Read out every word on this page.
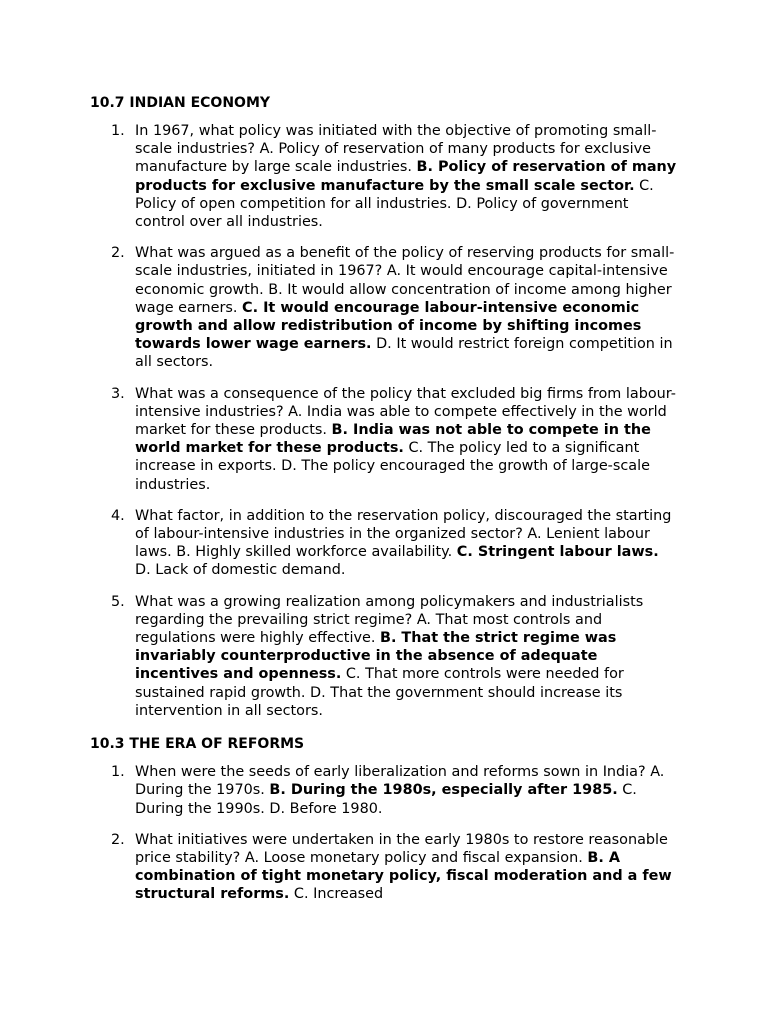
10.7 INDIAN ECONOMY
1. In 1967, what policy was initiated with the objective of promoting small-scale industries? A. Policy of reservation of many products for exclusive manufacture by large scale industries. B. Policy of reservation of many products for exclusive manufacture by the small scale sector. C. Policy of open competition for all industries. D. Policy of government control over all industries.
2. What was argued as a benefit of the policy of reserving products for small-scale industries, initiated in 1967? A. It would encourage capital-intensive economic growth. B. It would allow concentration of income among higher wage earners. C. It would encourage labour-intensive economic growth and allow redistribution of income by shifting incomes towards lower wage earners. D. It would restrict foreign competition in all sectors.
3. What was a consequence of the policy that excluded big firms from labour-intensive industries? A. India was able to compete effectively in the world market for these products. B. India was not able to compete in the world market for these products. C. The policy led to a significant increase in exports. D. The policy encouraged the growth of large-scale industries.
4. What factor, in addition to the reservation policy, discouraged the starting of labour-intensive industries in the organized sector? A. Lenient labour laws. B. Highly skilled workforce availability. C. Stringent labour laws. D. Lack of domestic demand.
5. What was a growing realization among policymakers and industrialists regarding the prevailing strict regime? A. That most controls and regulations were highly effective. B. That the strict regime was invariably counterproductive in the absence of adequate incentives and openness. C. That more controls were needed for sustained rapid growth. D. That the government should increase its intervention in all sectors.
10.3 THE ERA OF REFORMS
1. When were the seeds of early liberalization and reforms sown in India? A. During the 1970s. B. During the 1980s, especially after 1985. C. During the 1990s. D. Before 1980.
2. What initiatives were undertaken in the early 1980s to restore reasonable price stability? A. Loose monetary policy and fiscal expansion. B. A combination of tight monetary policy, fiscal moderation and a few structural reforms. C. Increased
